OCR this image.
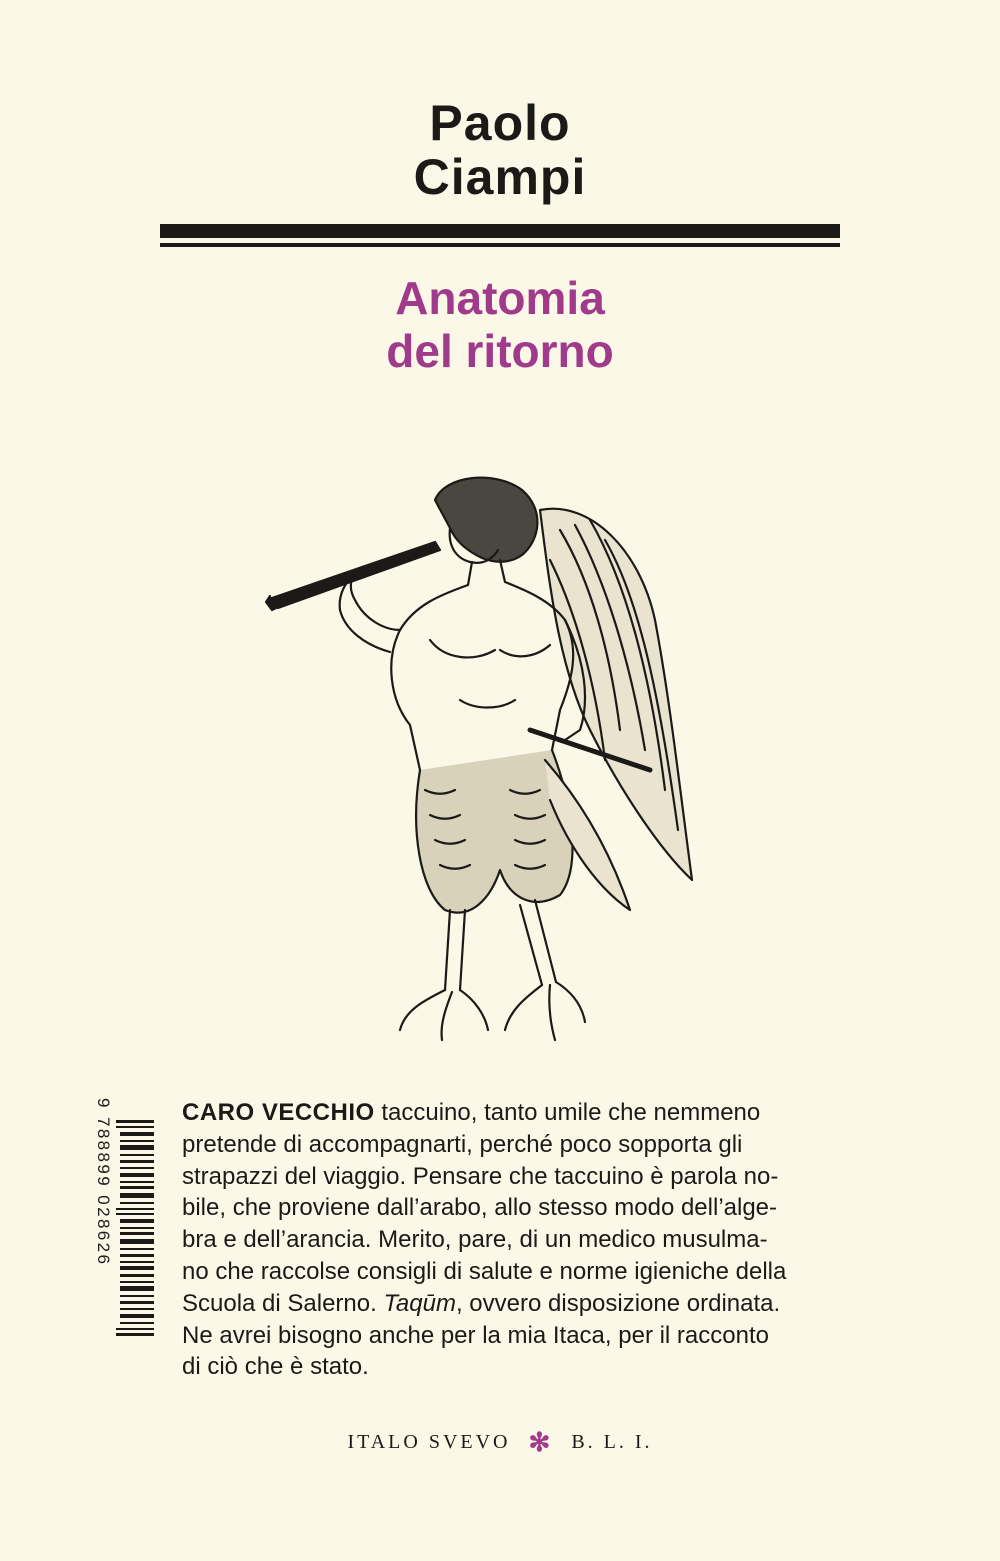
Paolo
Ciampi
Anatomia
del ritorno
9 788899 028626	CARO VECCHIO taccuino, tanto umile che nemmeno
pretende di accompagnarti, perché poco sopporta gli
strapazzi del viaggio. Pensare che taccuino è parola no-
bile, che proviene dall’arabo, allo stesso modo dell’alge-
bra e dell’arancia. Merito, pare, di un medico musulma-
no che raccolse consigli di salute e norme igieniche della
Scuola di Salerno. Taqūm, ovvero disposizione ordinata.
Ne avrei bisogno anche per la mia Itaca, per il racconto
di ciò che è stato.
ITALO SVEVO ✻ B. L. I.
